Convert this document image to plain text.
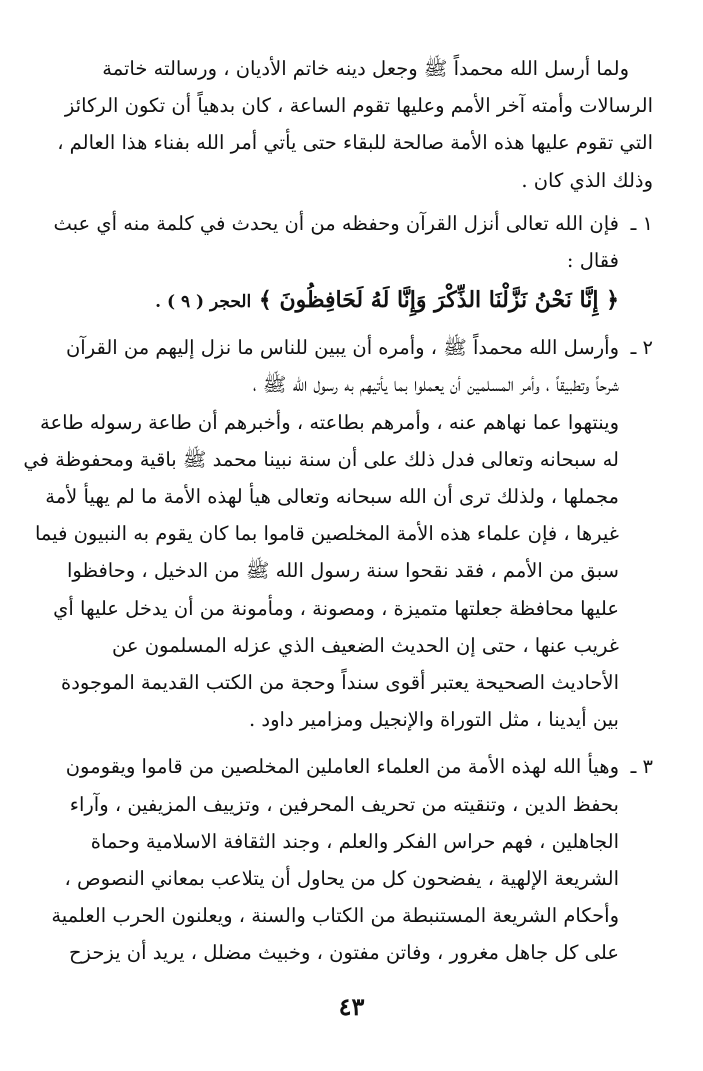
ولما أرسل الله محمداً ﷺ وجعل دينه خاتم الأديان ، ورسالته خاتمة
الرسالات وأمته آخر الأمم وعليها تقوم الساعة ، كان بدهياً أن تكون الركائز
التي تقوم عليها هذه الأمة صالحة للبقاء حتى يأتي أمر الله بفناء هذا العالم ،
وذلك الذي كان .
١ ـ
فإن الله تعالى أنزل القرآن وحفظه من أن يحدث في كلمة منه أي عبث
فقال :
﴿ إِنَّا نَحْنُ نَزَّلْنَا الذِّكْرَ وَإِنَّا لَهُ لَحَافِظُونَ ﴾ الحجر ( ٩ ) .
٢ ـ
وأرسل الله محمداً ﷺ ، وأمره أن يبين للناس ما نزل إليهم من القرآن
شرحاً وتطبيقاً ، وأمر المسلمين أن يعملوا بما يأتيهم به رسول الله ﷺ ،
وينتهوا عما نهاهم عنه ، وأمرهم بطاعته ، وأخبرهم أن طاعة رسوله طاعة
له سبحانه وتعالى فدل ذلك على أن سنة نبينا محمد ﷺ باقية ومحفوظة في
مجملها ، ولذلك ترى أن الله سبحانه وتعالى هيأ لهذه الأمة ما لم يهيأ لأمة
غيرها ، فإن علماء هذه الأمة المخلصين قاموا بما كان يقوم به النبيون فيما
سبق من الأمم ، فقد نقحوا سنة رسول الله ﷺ من الدخيل ، وحافظوا
عليها محافظة جعلتها متميزة ، ومصونة ، ومأمونة من أن يدخل عليها أي
غريب عنها ، حتى إن الحديث الضعيف الذي عزله المسلمون عن
الأحاديث الصحيحة يعتبر أقوى سنداً وحجة من الكتب القديمة الموجودة
بين أيدينا ، مثل التوراة والإنجيل ومزامير داود .
٣ ـ
وهيأ الله لهذه الأمة من العلماء العاملين المخلصين من قاموا ويقومون
بحفظ الدين ، وتنقيته من تحريف المحرفين ، وتزييف المزيفين ، وآراء
الجاهلين ، فهم حراس الفكر والعلم ، وجند الثقافة الاسلامية وحماة
الشريعة الإلهية ، يفضحون كل من يحاول أن يتلاعب بمعاني النصوص ،
وأحكام الشريعة المستنبطة من الكتاب والسنة ، ويعلنون الحرب العلمية
على كل جاهل مغرور ، وفاتن مفتون ، وخبيث مضلل ، يريد أن يزحزح
٤٣
